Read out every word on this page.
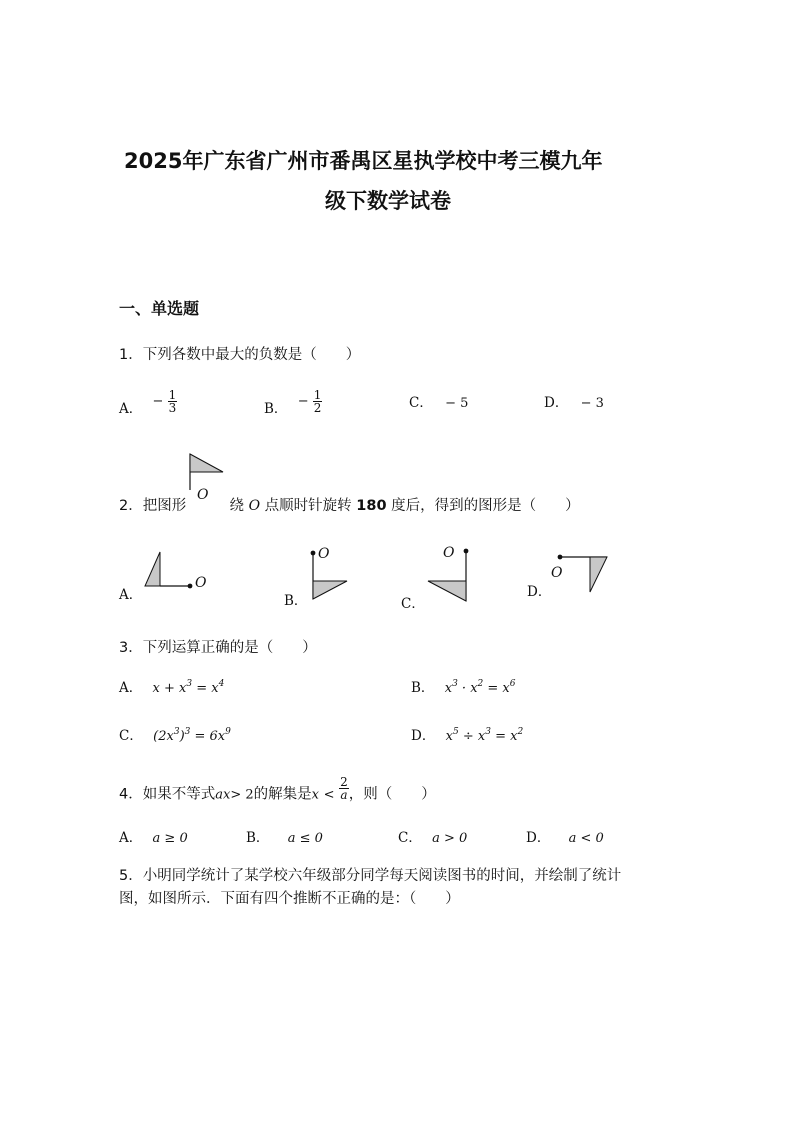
2025年广东省广州市番禺区星执学校中考三模九年
级下数学试卷
一、单选题
1．下列各数中最大的负数是（　　）
A． − $\frac{1}{3}$	B． − $\frac{1}{2}$	C． − 5	D． − 3
2．把图形	绕 O 点顺时针旋转 180 度后，得到的图形是（　　）
O
A．
O
B．
O
C．
O
D．
O
3．下列运算正确的是（　　）
A． $x + x^3 = x^4$	B． $x^3 \cdot x^2 = x^6$
C． $(2x^3)^3 = 6x^9$	D． $x^5 \div x^3 = x^2$
4．如果不等式ax> 2的解集是$x < \frac{2}{a}$ ，则（　　）
A． a ≥ 0	B． a ≤ 0	C． a > 0	D． a < 0
5．小明同学统计了某学校六年级部分同学每天阅读图书的时间，并绘制了统计
图，如图所示．下面有四个推断不正确的是：（　　）
